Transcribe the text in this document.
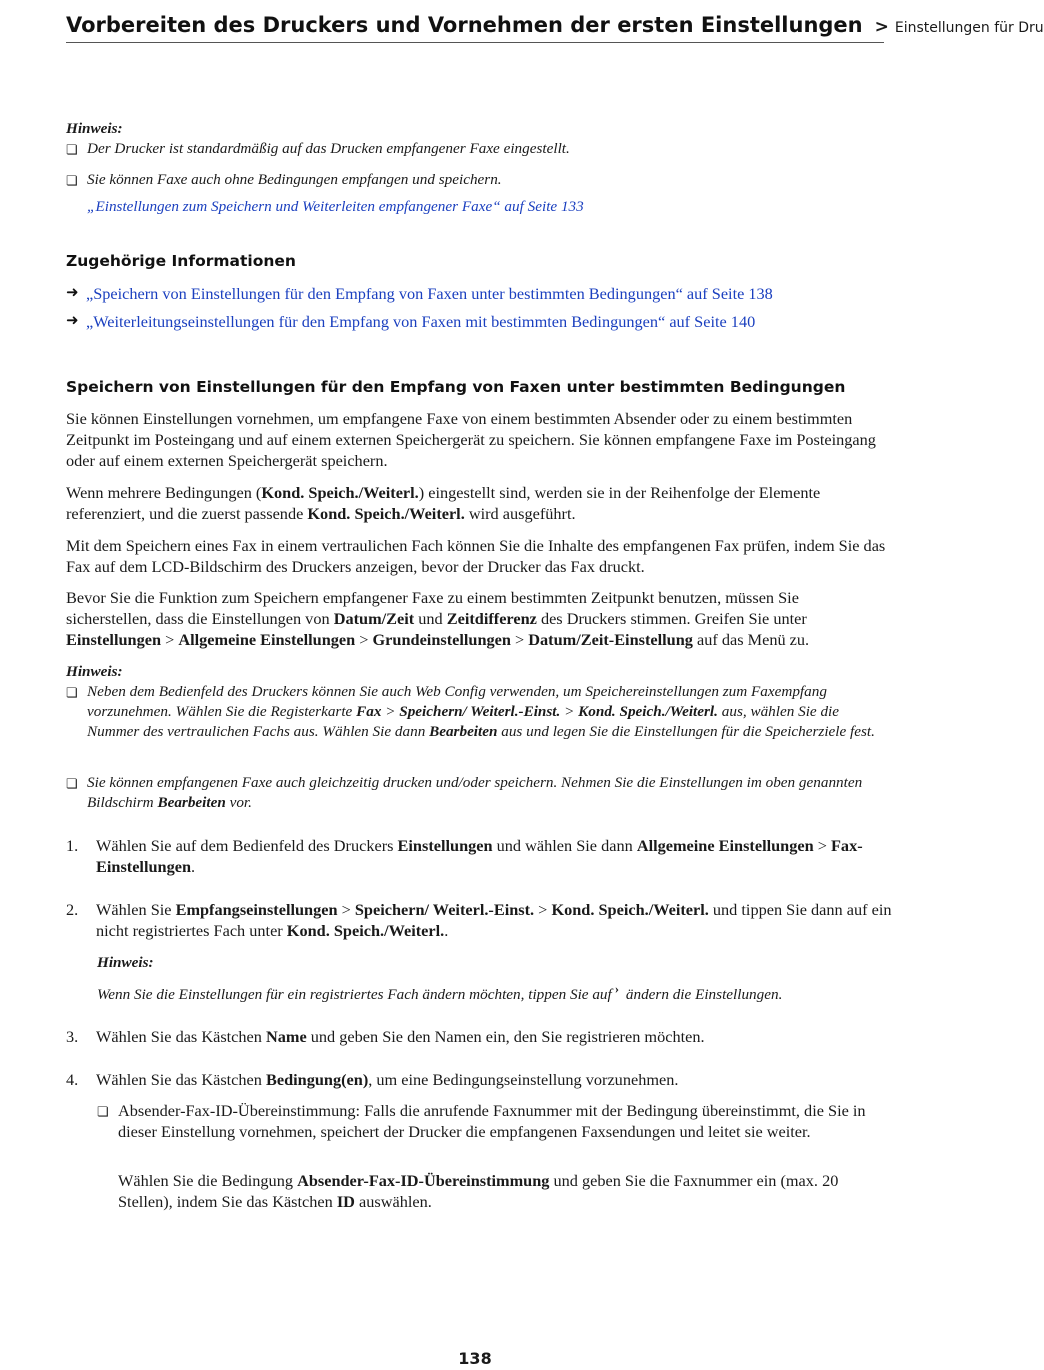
Vorbereiten des Druckers und Vornehmen der ersten Einstellungen > Einstellungen für Dru
Hinweis:
❏ Der Drucker ist standardmäßig auf das Drucken empfangener Faxe eingestellt.
❏ Sie können Faxe auch ohne Bedingungen empfangen und speichern.
„Einstellungen zum Speichern und Weiterleiten empfangener Faxe“ auf Seite 133
Zugehörige Informationen
➜ „Speichern von Einstellungen für den Empfang von Faxen unter bestimmten Bedingungen“ auf Seite 138
➜ „Weiterleitungseinstellungen für den Empfang von Faxen mit bestimmten Bedingungen“ auf Seite 140
Speichern von Einstellungen für den Empfang von Faxen unter bestimmten Bedingungen
Sie können Einstellungen vornehmen, um empfangene Faxe von einem bestimmten Absender oder zu einem bestimmten Zeitpunkt im Posteingang und auf einem externen Speichergerät zu speichern. Sie können empfangene Faxe im Posteingang oder auf einem externen Speichergerät speichern.
Wenn mehrere Bedingungen (Kond. Speich./Weiterl.) eingestellt sind, werden sie in der Reihenfolge der Elemente referenziert, und die zuerst passende Kond. Speich./Weiterl. wird ausgeführt.
Mit dem Speichern eines Fax in einem vertraulichen Fach können Sie die Inhalte des empfangenen Fax prüfen, indem Sie das Fax auf dem LCD-Bildschirm des Druckers anzeigen, bevor der Drucker das Fax druckt.
Bevor Sie die Funktion zum Speichern empfangener Faxe zu einem bestimmten Zeitpunkt benutzen, müssen Sie sicherstellen, dass die Einstellungen von Datum/Zeit und Zeitdifferenz des Druckers stimmen. Greifen Sie unter Einstellungen > Allgemeine Einstellungen > Grundeinstellungen > Datum/Zeit-Einstellung auf das Menü zu.
Hinweis:
❏ Neben dem Bedienfeld des Druckers können Sie auch Web Config verwenden, um Speichereinstellungen zum Faxempfang vorzunehmen. Wählen Sie die Registerkarte Fax > Speichern/ Weiterl.-Einst. > Kond. Speich./Weiterl. aus, wählen Sie die Nummer des vertraulichen Fachs aus. Wählen Sie dann Bearbeiten aus und legen Sie die Einstellungen für die Speicherziele fest.
❏ Sie können empfangenen Faxe auch gleichzeitig drucken und/oder speichern. Nehmen Sie die Einstellungen im oben genannten Bildschirm Bearbeiten vor.
1. Wählen Sie auf dem Bedienfeld des Druckers Einstellungen und wählen Sie dann Allgemeine Einstellungen > Fax-Einstellungen.
2. Wählen Sie Empfangseinstellungen > Speichern/ Weiterl.-Einst. > Kond. Speich./Weiterl. und tippen Sie dann auf ein nicht registriertes Fach unter Kond. Speich./Weiterl..
Hinweis:
Wenn Sie die Einstellungen für ein registriertes Fach ändern möchten, tippen Sie auf › ändern die Einstellungen.
3. Wählen Sie das Kästchen Name und geben Sie den Namen ein, den Sie registrieren möchten.
4. Wählen Sie das Kästchen Bedingung(en), um eine Bedingungseinstellung vorzunehmen.
❏ Absender-Fax-ID-Übereinstimmung: Falls die anrufende Faxnummer mit der Bedingung übereinstimmt, die Sie in dieser Einstellung vornehmen, speichert der Drucker die empfangenen Faxsendungen und leitet sie weiter.
Wählen Sie die Bedingung Absender-Fax-ID-Übereinstimmung und geben Sie die Faxnummer ein (max. 20 Stellen), indem Sie das Kästchen ID auswählen.
138
